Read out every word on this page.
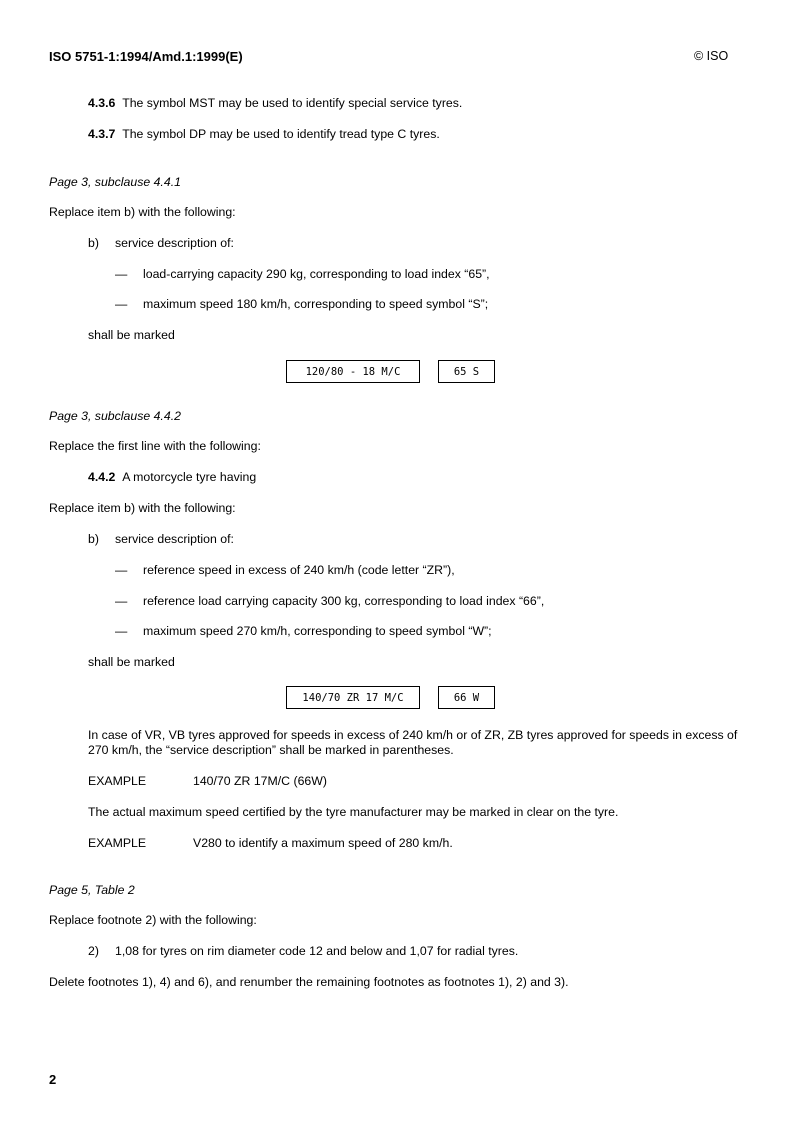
ISO 5751-1:1994/Amd.1:1999(E)	© ISO
4.3.6 The symbol MST may be used to identify special service tyres.
4.3.7 The symbol DP may be used to identify tread type C tyres.
Page 3, subclause 4.4.1
Replace item b) with the following:
b) service description of:
— load-carrying capacity 290 kg, corresponding to load index “65”,
— maximum speed 180 km/h, corresponding to speed symbol “S”;
shall be marked
120/80 - 18 M/C	65 S
Page 3, subclause 4.4.2
Replace the first line with the following:
4.4.2 A motorcycle tyre having
Replace item b) with the following:
b) service description of:
— reference speed in excess of 240 km/h (code letter “ZR”),
— reference load carrying capacity 300 kg, corresponding to load index “66”,
— maximum speed 270 km/h, corresponding to speed symbol “W”;
shall be marked
140/70 ZR 17 M/C	66 W
In case of VR, VB tyres approved for speeds in excess of 240 km/h or of ZR, ZB tyres approved for speeds in excess of 270 km/h, the “service description” shall be marked in parentheses.
EXAMPLE	140/70 ZR 17M/C (66W)
The actual maximum speed certified by the tyre manufacturer may be marked in clear on the tyre.
EXAMPLE	V280 to identify a maximum speed of 280 km/h.
Page 5, Table 2
Replace footnote 2) with the following:
2) 1,08 for tyres on rim diameter code 12 and below and 1,07 for radial tyres.
Delete footnotes 1), 4) and 6), and renumber the remaining footnotes as footnotes 1), 2) and 3).
2
